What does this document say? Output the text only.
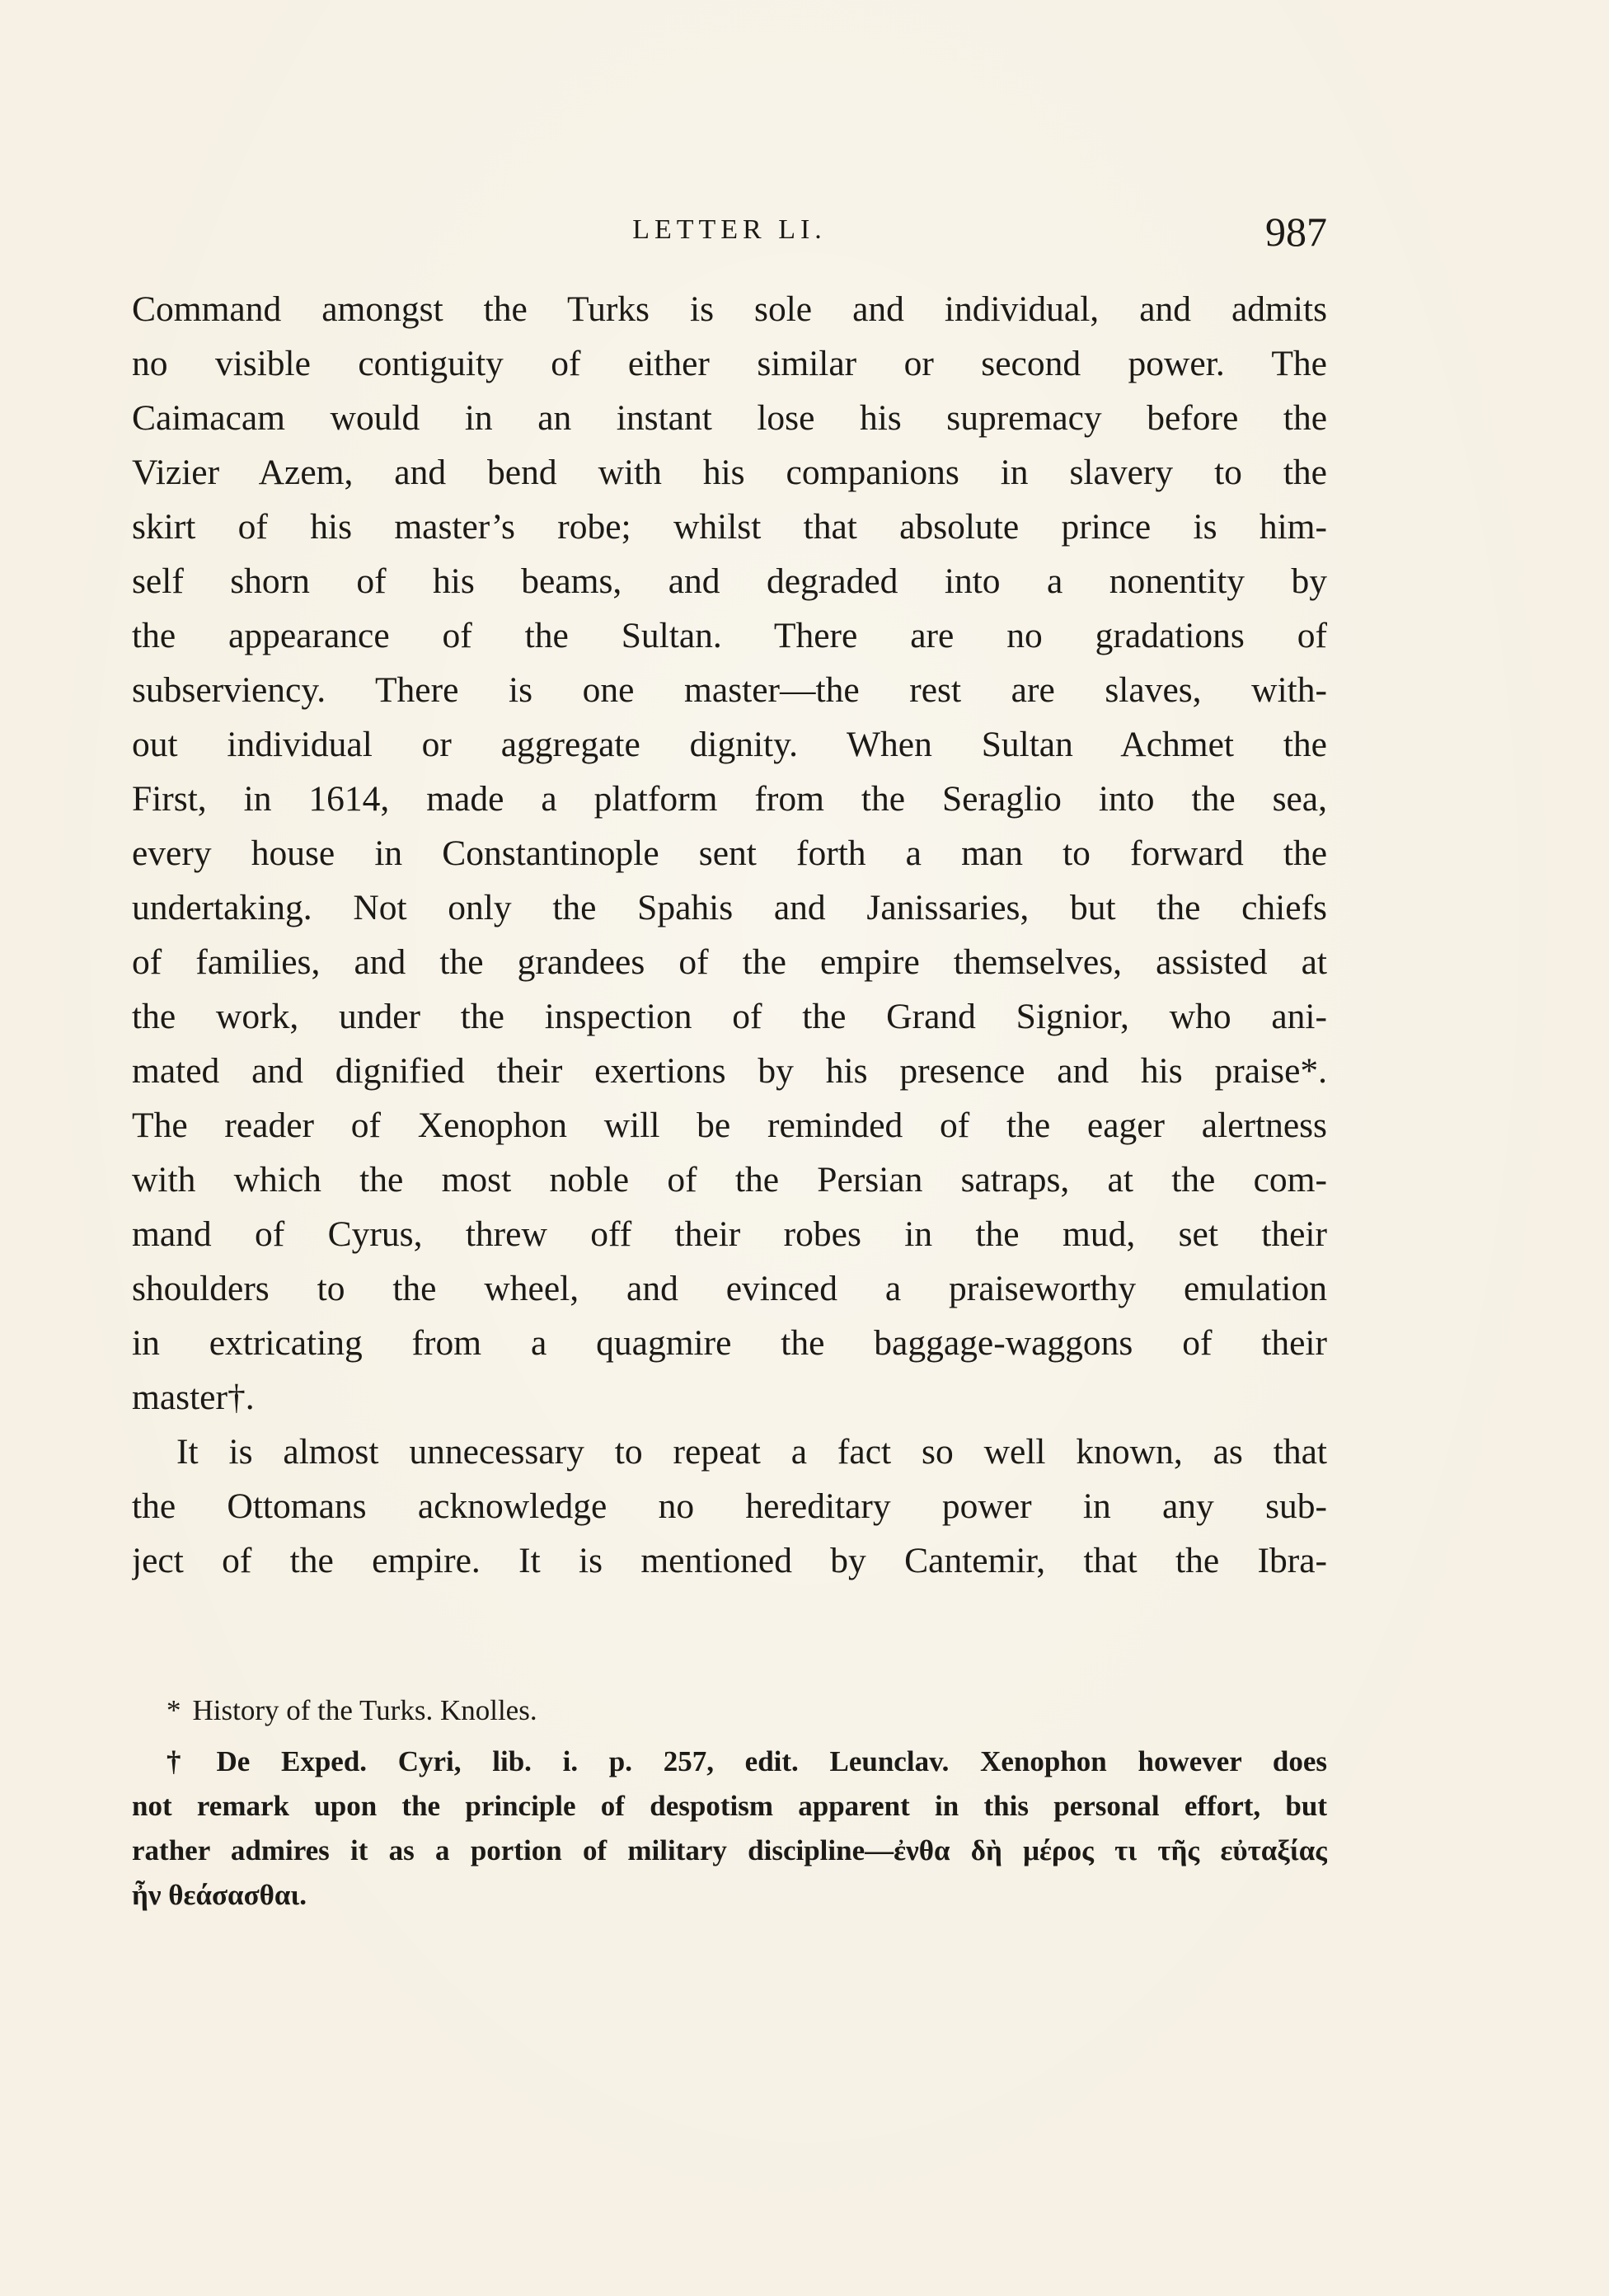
LETTER LI.	987
Command amongst the Turks is sole and individual, and admits
no visible contiguity of either similar or second power. The
Caimacam would in an instant lose his supremacy before the
Vizier Azem, and bend with his companions in slavery to the
skirt of his master’s robe; whilst that absolute prince is him-
self shorn of his beams, and degraded into a nonentity by
the appearance of the Sultan. There are no gradations of
subserviency. There is one master—the rest are slaves, with-
out individual or aggregate dignity. When Sultan Achmet the
First, in 1614, made a platform from the Seraglio into the sea,
every house in Constantinople sent forth a man to forward the
undertaking. Not only the Spahis and Janissaries, but the chiefs
of families, and the grandees of the empire themselves, assisted at
the work, under the inspection of the Grand Signior, who ani-
mated and dignified their exertions by his presence and his praise*.
The reader of Xenophon will be reminded of the eager alertness
with which the most noble of the Persian satraps, at the com-
mand of Cyrus, threw off their robes in the mud, set their
shoulders to the wheel, and evinced a praiseworthy emulation
in extricating from a quagmire the baggage-waggons of their
master†.
It is almost unnecessary to repeat a fact so well known, as that
the Ottomans acknowledge no hereditary power in any sub-
ject of the empire. It is mentioned by Cantemir, that the Ibra-
* History of the Turks. Knolles.
† De Exped. Cyri, lib. i. p. 257, edit. Leunclav. Xenophon however does
not remark upon the principle of despotism apparent in this personal effort, but
rather admires it as a portion of military discipline—ἐνθα δὴ μέρος τι τῆς εὐταξίας
ἦν θεάσασθαι.
